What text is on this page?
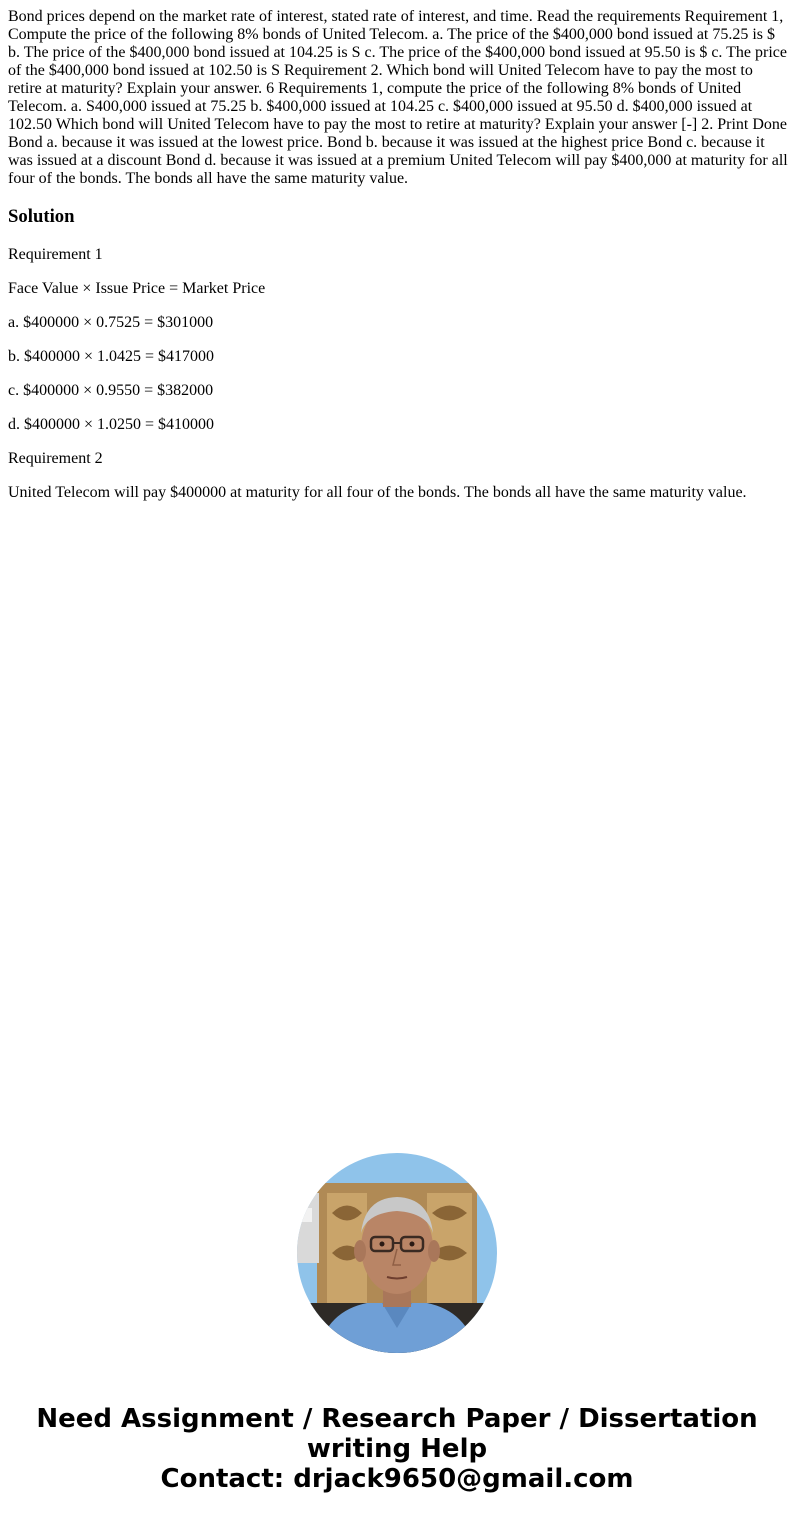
Bond prices depend on the market rate of interest, stated rate of interest, and time. Read the requirements Requirement 1, Compute the price of the following 8% bonds of United Telecom. a. The price of the $400,000 bond issued at 75.25 is $ b. The price of the $400,000 bond issued at 104.25 is S c. The price of the $400,000 bond issued at 95.50 is $ c. The price of the $400,000 bond issued at 102.50 is S Requirement 2. Which bond will United Telecom have to pay the most to retire at maturity? Explain your answer. 6 Requirements 1, compute the price of the following 8% bonds of United Telecom. a. S400,000 issued at 75.25 b. $400,000 issued at 104.25 c. $400,000 issued at 95.50 d. $400,000 issued at 102.50 Which bond will United Telecom have to pay the most to retire at maturity? Explain your answer [-] 2. Print Done Bond a. because it was issued at the lowest price. Bond b. because it was issued at the highest price Bond c. because it was issued at a discount Bond d. because it was issued at a premium United Telecom will pay $400,000 at maturity for all four of the bonds. The bonds all have the same maturity value.

Solution

Requirement 1

Face Value × Issue Price = Market Price

a. $400000 × 0.7525 = $301000

b. $400000 × 1.0425 = $417000

c. $400000 × 0.9550 = $382000

d. $400000 × 1.0250 = $410000

Requirement 2

United Telecom will pay $400000 at maturity for all four of the bonds. The bonds all have the same maturity value.

Need Assignment / Research Paper / Dissertation
writing Help
Contact: drjack9650@gmail.com
